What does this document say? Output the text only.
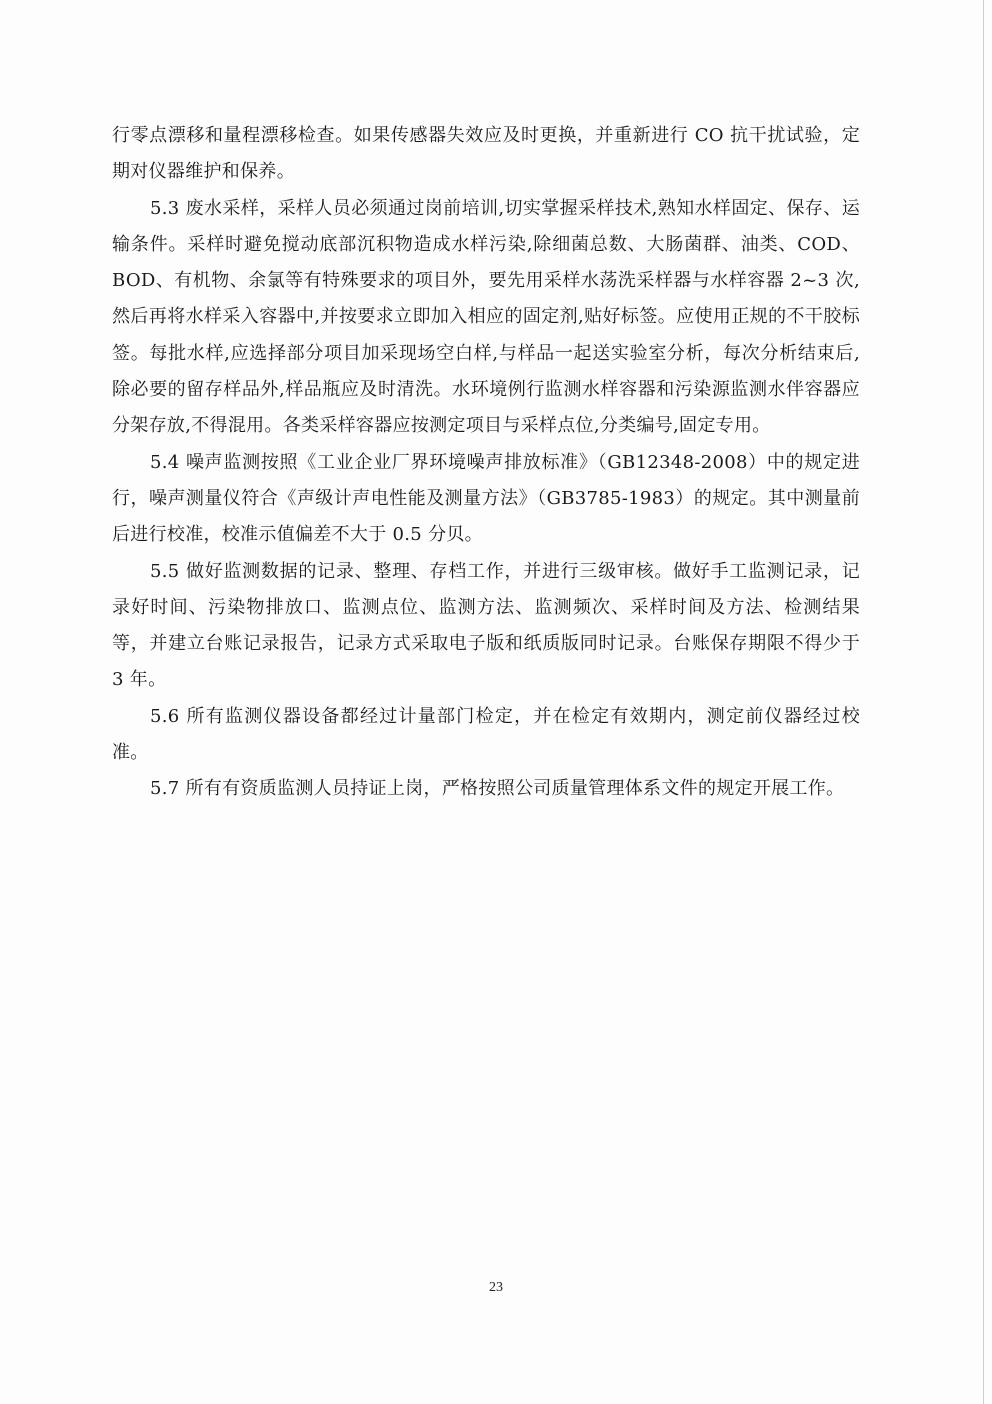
行零点漂移和量程漂移检查。如果传感器失效应及时更换，并重新进行 CO 抗干扰试验，定期对仪器维护和保养。

5.3 废水采样，采样人员必须通过岗前培训,切实掌握采样技术,熟知水样固定、保存、运输条件。采样时避免搅动底部沉积物造成水样污染,除细菌总数、大肠菌群、油类、COD、BOD、有机物、余氯等有特殊要求的项目外，要先用采样水荡洗采样器与水样容器 2~3 次,然后再将水样采入容器中,并按要求立即加入相应的固定剂,贴好标签。应使用正规的不干胶标签。每批水样,应选择部分项目加采现场空白样,与样品一起送实验室分析，每次分析结束后,除必要的留存样品外,样品瓶应及时清洗。水环境例行监测水样容器和污染源监测水伴容器应分架存放,不得混用。各类采样容器应按测定项目与采样点位,分类编号,固定专用。

5.4 噪声监测按照《工业企业厂界环境噪声排放标准》（GB12348-2008）中的规定进行，噪声测量仪符合《声级计声电性能及测量方法》（GB3785-1983）的规定。其中测量前后进行校准，校准示值偏差不大于 0.5 分贝。

5.5 做好监测数据的记录、整理、存档工作，并进行三级审核。做好手工监测记录，记录好时间、污染物排放口、监测点位、监测方法、监测频次、采样时间及方法、检测结果等，并建立台账记录报告，记录方式采取电子版和纸质版同时记录。台账保存期限不得少于 3 年。

5.6 所有监测仪器设备都经过计量部门检定，并在检定有效期内，测定前仪器经过校准。

5.7 所有有资质监测人员持证上岗，严格按照公司质量管理体系文件的规定开展工作。

23
